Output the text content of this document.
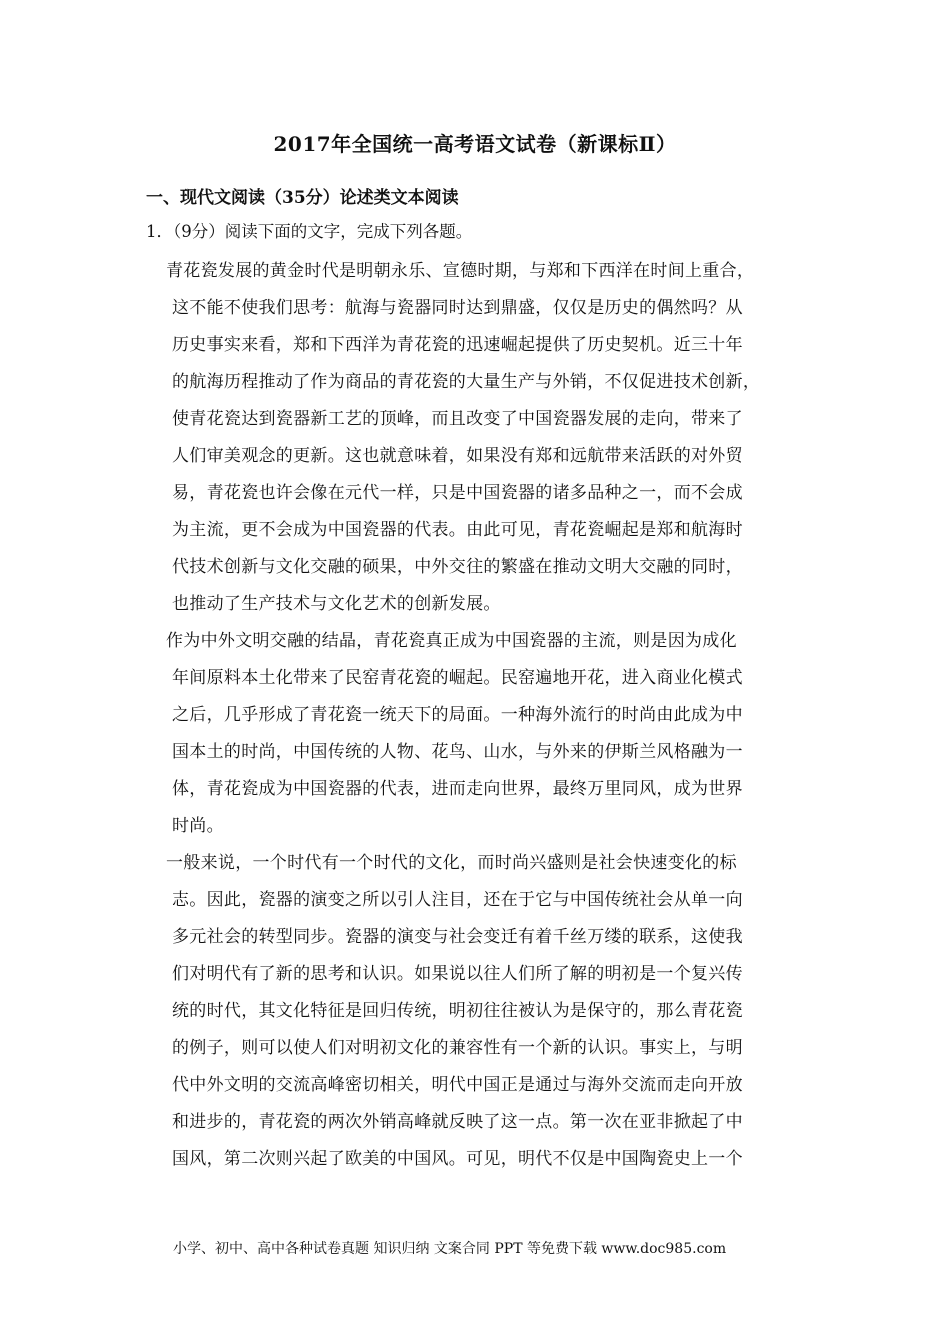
2017年全国统一高考语文试卷（新课标Ⅱ）
一、现代文阅读（35分）论述类文本阅读
1．（9分）阅读下面的文字，完成下列各题。
青花瓷发展的黄金时代是明朝永乐、宣德时期，与郑和下西洋在时间上重合，
这不能不使我们思考：航海与瓷器同时达到鼎盛，仅仅是历史的偶然吗？从
历史事实来看，郑和下西洋为青花瓷的迅速崛起提供了历史契机。近三十年
的航海历程推动了作为商品的青花瓷的大量生产与外销，不仅促进技术创新，
使青花瓷达到瓷器新工艺的顶峰，而且改变了中国瓷器发展的走向，带来了
人们审美观念的更新。这也就意味着，如果没有郑和远航带来活跃的对外贸
易，青花瓷也许会像在元代一样，只是中国瓷器的诸多品种之一，而不会成
为主流，更不会成为中国瓷器的代表。由此可见，青花瓷崛起是郑和航海时
代技术创新与文化交融的硕果，中外交往的繁盛在推动文明大交融的同时，
也推动了生产技术与文化艺术的创新发展。
作为中外文明交融的结晶，青花瓷真正成为中国瓷器的主流，则是因为成化
年间原料本土化带来了民窑青花瓷的崛起。民窑遍地开花，进入商业化模式
之后，几乎形成了青花瓷一统天下的局面。一种海外流行的时尚由此成为中
国本土的时尚，中国传统的人物、花鸟、山水，与外来的伊斯兰风格融为一
体，青花瓷成为中国瓷器的代表，进而走向世界，最终万里同风，成为世界
时尚。
一般来说，一个时代有一个时代的文化，而时尚兴盛则是社会快速变化的标
志。因此，瓷器的演变之所以引人注目，还在于它与中国传统社会从单一向
多元社会的转型同步。瓷器的演变与社会变迁有着千丝万缕的联系，这使我
们对明代有了新的思考和认识。如果说以往人们所了解的明初是一个复兴传
统的时代，其文化特征是回归传统，明初往往被认为是保守的，那么青花瓷
的例子，则可以使人们对明初文化的兼容性有一个新的认识。事实上，与明
代中外文明的交流高峰密切相关，明代中国正是通过与海外交流而走向开放
和进步的，青花瓷的两次外销高峰就反映了这一点。第一次在亚非掀起了中
国风，第二次则兴起了欧美的中国风。可见，明代不仅是中国陶瓷史上一个
小学、初中、高中各种试卷真题 知识归纳 文案合同 PPT 等免费下载 www.doc985.com
